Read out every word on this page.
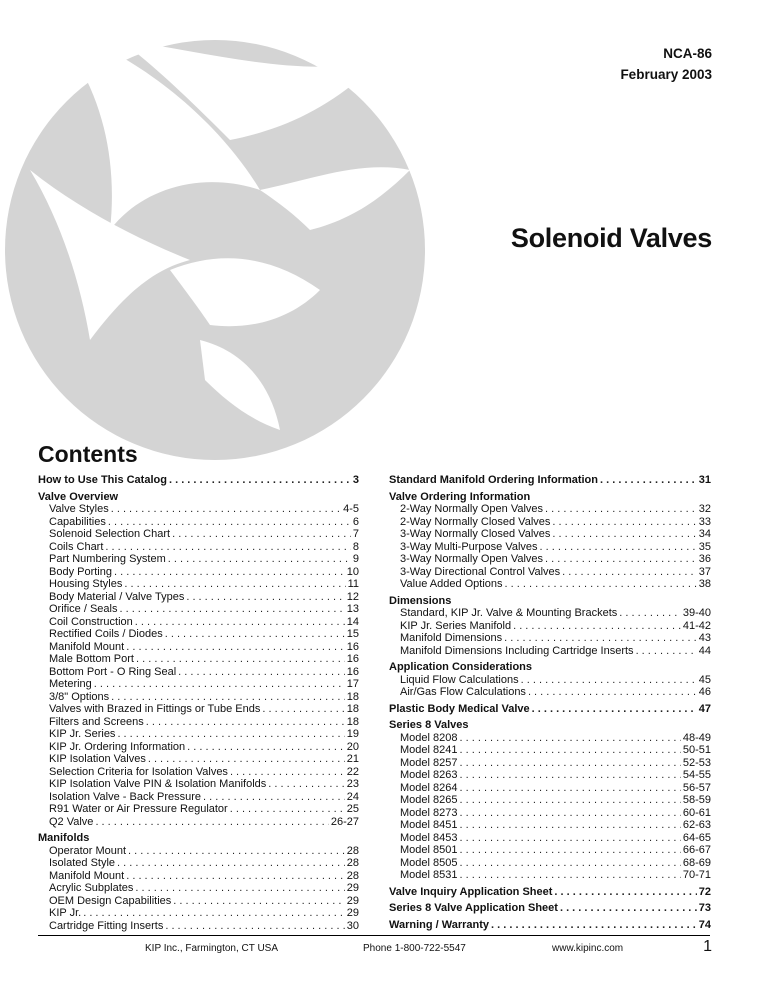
NCA-86
February 2003
Solenoid Valves
Contents
How to Use This Catalog . . .	3
Valve Overview
Valve Styles . . .	4-5
Capabilities . . .	6
Solenoid Selection Chart . . .	7
Coils Chart . . .	8
Part Numbering System . . .	9
Body Porting . . .	10
Housing Styles . . .	11
Body Material / Valve Types . . .	12
Orifice / Seals . . .	13
Coil Construction . . .	14
Rectified Coils / Diodes . . .	15
Manifold Mount . . .	16
Male Bottom Port . . .	16
Bottom Port - O Ring Seal . . .	16
Metering . . .	17
3/8" Options . . .	18
Valves with Brazed in Fittings or Tube Ends . . .	18
Filters and Screens . . .	18
KIP Jr. Series . . .	19
KIP Jr. Ordering Information . . .	20
KIP Isolation Valves . . .	21
Selection Criteria for Isolation Valves . . .	22
KIP Isolation Valve PIN & Isolation Manifolds . . .	23
Isolation Valve - Back Pressure . . .	24
R91 Water or Air Pressure Regulator . . .	25
Q2 Valve . . .	26-27
Manifolds
Operator Mount . . .	28
Isolated Style . . .	28
Manifold Mount . . .	28
Acrylic Subplates . . .	29
OEM Design Capabilities . . .	29
KIP Jr. . . .	29
Cartridge Fitting Inserts . . .	30
Standard Manifold Ordering Information . . .	31
Valve Ordering Information
2-Way Normally Open Valves . . .	32
2-Way Normally Closed Valves . . .	33
3-Way Normally Closed Valves . . .	34
3-Way Multi-Purpose Valves . . .	35
3-Way Normally Open Valves . . .	36
3-Way Directional Control Valves . . .	37
Value Added Options . . .	38
Dimensions
Standard, KIP Jr. Valve & Mounting Brackets . . .	39-40
KIP Jr. Series Manifold . . .	41-42
Manifold Dimensions . . .	43
Manifold Dimensions Including Cartridge Inserts . . .	44
Application Considerations
Liquid Flow Calculations . . .	45
Air/Gas Flow Calculations . . .	46
Plastic Body Medical Valve . . .	47
Series 8 Valves
Model 8208 . . .	48-49
Model 8241 . . .	50-51
Model 8257 . . .	52-53
Model 8263 . . .	54-55
Model 8264 . . .	56-57
Model 8265 . . .	58-59
Model 8273 . . .	60-61
Model 8451 . . .	62-63
Model 8453 . . .	64-65
Model 8501 . . .	66-67
Model 8505 . . .	68-69
Model 8531 . . .	70-71
Valve Inquiry Application Sheet . . .	72
Series 8 Valve Application Sheet . . .	73
Warning / Warranty . . .	74
KIP Inc., Farmington, CT USA	Phone 1-800-722-5547	www.kipinc.com	1
